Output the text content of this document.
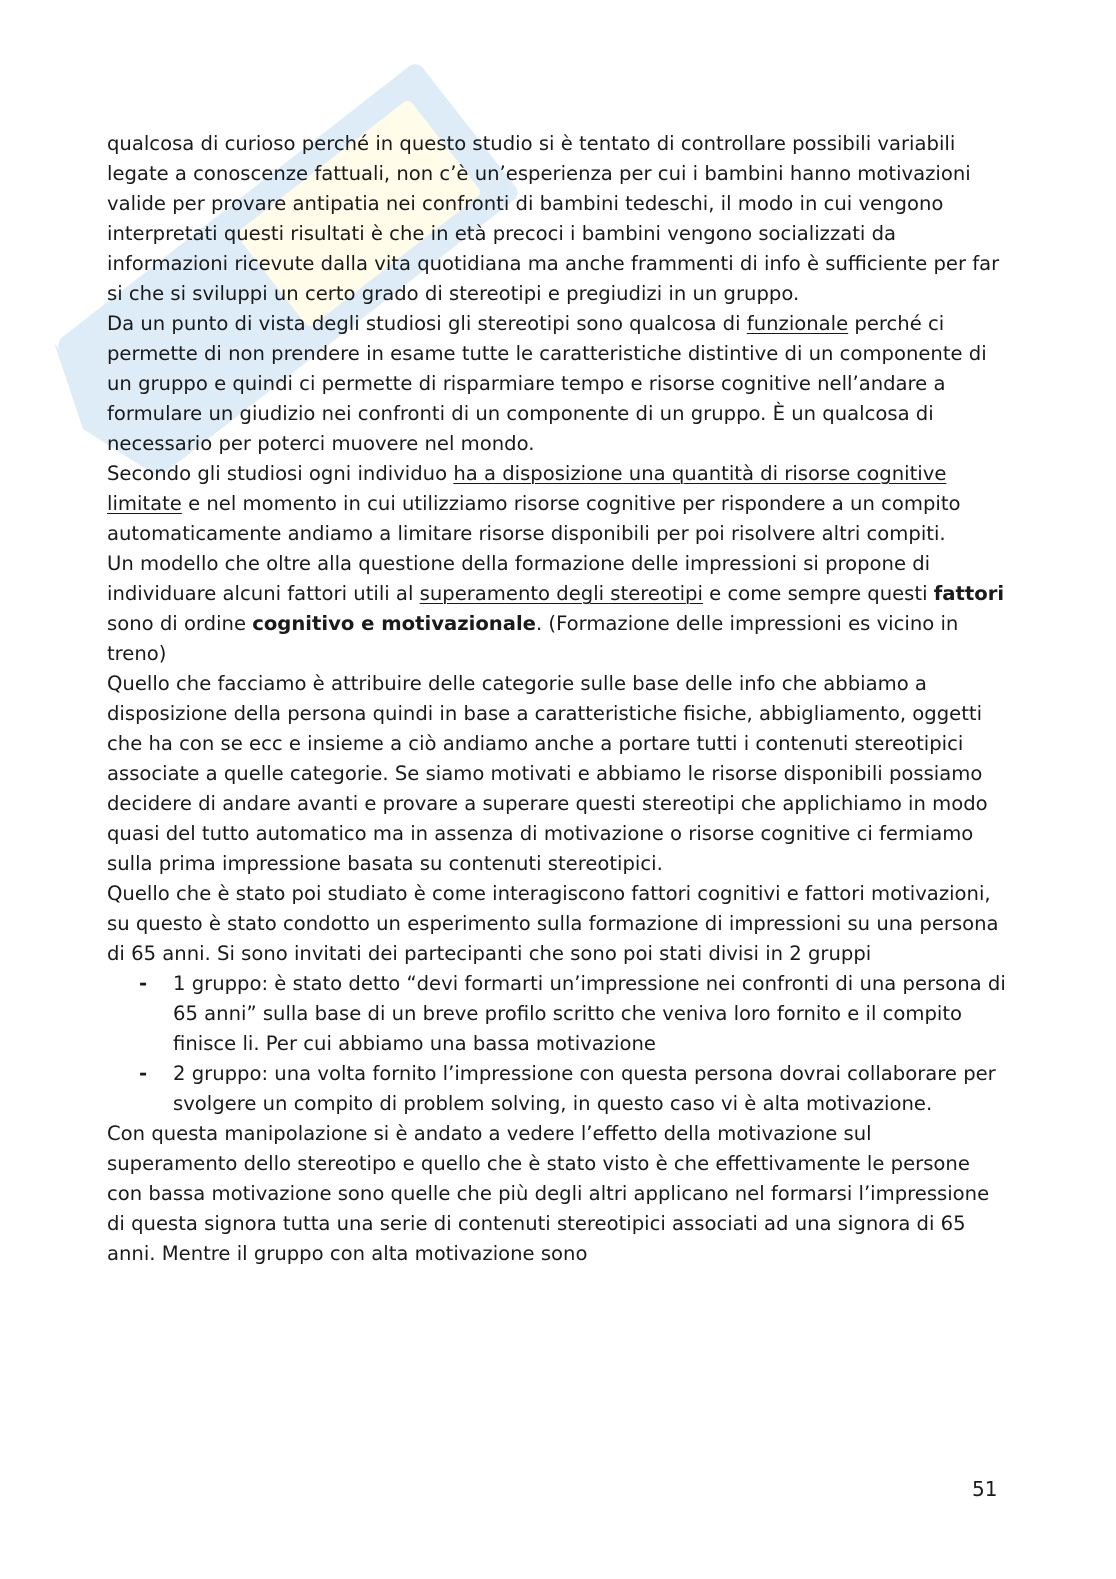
qualcosa di curioso perché in questo studio si è tentato di controllare possibili variabili legate a conoscenze fattuali, non c’è un’esperienza per cui i bambini hanno motivazioni valide per provare antipatia nei confronti di bambini tedeschi, il modo in cui vengono interpretati questi risultati è che in età precoci i bambini vengono socializzati da informazioni ricevute dalla vita quotidiana ma anche frammenti di info è sufficiente per far si che si sviluppi un certo grado di stereotipi e pregiudizi in un gruppo.

Da un punto di vista degli studiosi gli stereotipi sono qualcosa di funzionale perché ci permette di non prendere in esame tutte le caratteristiche distintive di un componente di un gruppo e quindi ci permette di risparmiare tempo e risorse cognitive nell’andare a formulare un giudizio nei confronti di un componente di un gruppo. È un qualcosa di necessario per poterci muovere nel mondo.

Secondo gli studiosi ogni individuo ha a disposizione una quantità di risorse cognitive limitate e nel momento in cui utilizziamo risorse cognitive per rispondere a un compito automaticamente andiamo a limitare risorse disponibili per poi risolvere altri compiti.

Un modello che oltre alla questione della formazione delle impressioni si propone di individuare alcuni fattori utili al superamento degli stereotipi e come sempre questi fattori sono di ordine cognitivo e motivazionale. (Formazione delle impressioni es vicino in treno)

Quello che facciamo è attribuire delle categorie sulle base delle info che abbiamo a disposizione della persona quindi in base a caratteristiche fisiche, abbigliamento, oggetti che ha con se ecc e insieme a ciò andiamo anche a portare tutti i contenuti stereotipici associate a quelle categorie. Se siamo motivati e abbiamo le risorse disponibili possiamo decidere di andare avanti e provare a superare questi stereotipi che applichiamo in modo quasi del tutto automatico ma in assenza di motivazione o risorse cognitive ci fermiamo sulla prima impressione basata su contenuti stereotipici.

Quello che è stato poi studiato è come interagiscono fattori cognitivi e fattori motivazioni, su questo è stato condotto un esperimento sulla formazione di impressioni su una persona di 65 anni. Si sono invitati dei partecipanti che sono poi stati divisi in 2 gruppi

- 1 gruppo: è stato detto “devi formarti un’impressione nei confronti di una persona di 65 anni” sulla base di un breve profilo scritto che veniva loro fornito e il compito finisce li. Per cui abbiamo una bassa motivazione
- 2 gruppo: una volta fornito l’impressione con questa persona dovrai collaborare per svolgere un compito di problem solving, in questo caso vi è alta motivazione.

Con questa manipolazione si è andato a vedere l’effetto della motivazione sul superamento dello stereotipo e quello che è stato visto è che effettivamente le persone con bassa motivazione sono quelle che più degli altri applicano nel formarsi l’impressione di questa signora tutta una serie di contenuti stereotipici associati ad una signora di 65 anni. Mentre il gruppo con alta motivazione sono

51
